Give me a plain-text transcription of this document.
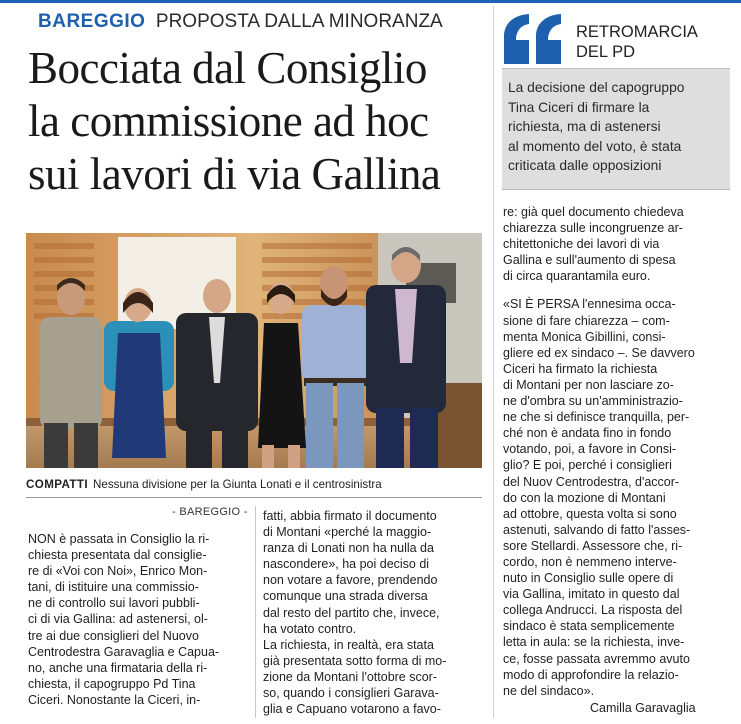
BAREGGIO PROPOSTA DALLA MINORANZA
Bocciata dal Consiglio
la commissione ad hoc
sui lavori di via Gallina
RETROMARCIA
DEL PD
La decisione del capogruppo
Tina Ciceri di firmare la
richiesta, ma di astenersi
al momento del voto, è stata
criticata dalle opposizioni
COMPATTI Nessuna divisione per la Giunta Lonati e il centrosinistra
- BAREGGIO -
NON è passata in Consiglio la ri-
chiesta presentata dal consiglie-
re di «Voi con Noi», Enrico Mon-
tani, di istituire una commissio-
ne di controllo sui lavori pubbli-
ci di via Gallina: ad astenersi, ol-
tre ai due consiglieri del Nuovo
Centrodestra Garavaglia e Capua-
no, anche una firmataria della ri-
chiesta, il capogruppo Pd Tina
Ciceri. Nonostante la Ciceri, in-
fatti, abbia firmato il documento
di Montani «perché la maggio-
ranza di Lonati non ha nulla da
nascondere», ha poi deciso di
non votare a favore, prendendo
comunque una strada diversa
dal resto del partito che, invece,
ha votato contro.
La richiesta, in realtà, era stata
già presentata sotto forma di mo-
zione da Montani l'ottobre scor-
so, quando i consiglieri Garava-
glia e Capuano votarono a favo-
re: già quel documento chiedeva
chiarezza sulle incongruenze ar-
chitettoniche dei lavori di via
Gallina e sull'aumento di spesa
di circa quarantamila euro.
«SI È PERSA l'ennesima occa-
sione di fare chiarezza – com-
menta Monica Gibillini, consi-
gliere ed ex sindaco –. Se davvero
Ciceri ha firmato la richiesta
di Montani per non lasciare zo-
ne d'ombra su un'amministrazio-
ne che si definisce tranquilla, per-
ché non è andata fino in fondo
votando, poi, a favore in Consi-
glio? E poi, perché i consiglieri
del Nuov Centrodestra, d'accor-
do con la mozione di Montani
ad ottobre, questa volta si sono
astenuti, salvando di fatto l'asses-
sore Stellardi. Assessore che, ri-
cordo, non è nemmeno interve-
nuto in Consiglio sulle opere di
via Gallina, imitato in questo dal
collega Andrucci. La risposta del
sindaco è stata semplicemente
letta in aula: se la richiesta, inve-
ce, fosse passata avremmo avuto
modo di approfondire la relazio-
ne del sindaco».
Camilla Garavaglia
